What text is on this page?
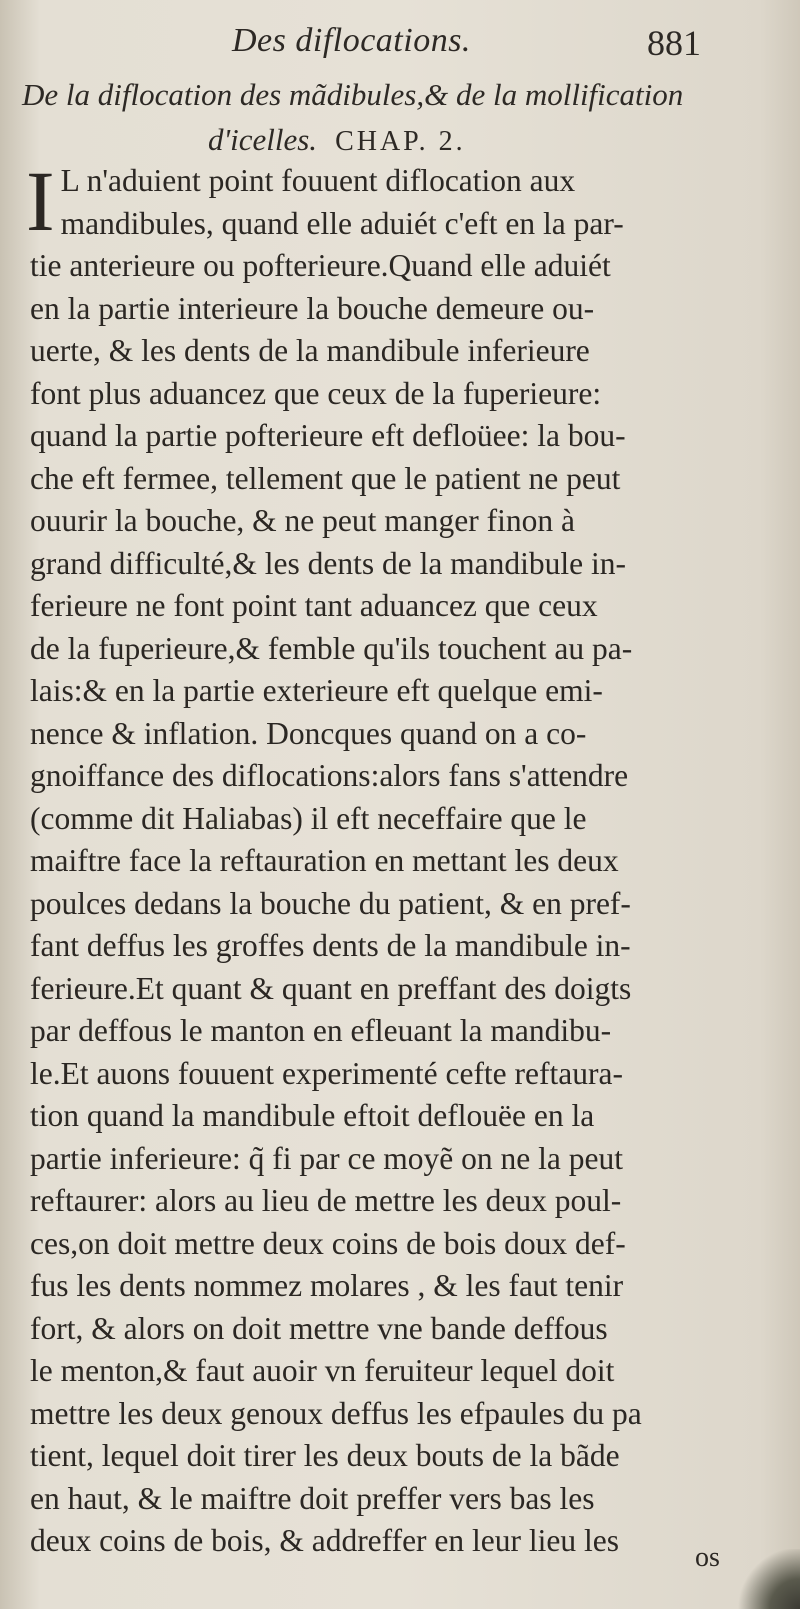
Des diflocations.	881
De la diflocation des mãdibules,& de la mollification
d'icelles. CHAP. 2.
I L n'aduient point fouuent diflocation aux
mandibules, quand elle aduiét c'eft en la par-
tie anterieure ou pofterieure.Quand elle aduiét
en la partie interieure la bouche demeure ou-
uerte, & les dents de la mandibule inferieure
font plus aduancez que ceux de la fuperieure:
quand la partie pofterieure eft defloüee: la bou-
che eft fermee, tellement que le patient ne peut
ouurir la bouche, & ne peut manger finon à
grand difficulté,& les dents de la mandibule in-
ferieure ne font point tant aduancez que ceux
de la fuperieure,& femble qu'ils touchent au pa-
lais:& en la partie exterieure eft quelque emi-
nence & inflation. Doncques quand on a co-
gnoiffance des diflocations:alors fans s'attendre
(comme dit Haliabas) il eft neceffaire que le
maiftre face la reftauration en mettant les deux
poulces dedans la bouche du patient, & en pref-
fant deffus les groffes dents de la mandibule in-
ferieure.Et quant & quant en preffant des doigts
par deffous le manton en efleuant la mandibu-
le.Et auons fouuent experimenté cefte reftaura-
tion quand la mandibule eftoit deflouëe en la
partie inferieure: q̃ fi par ce moyẽ on ne la peut
reftaurer: alors au lieu de mettre les deux poul-
ces,on doit mettre deux coins de bois doux def-
fus les dents nommez molares , & les faut tenir
fort, & alors on doit mettre vne bande deffous
le menton,& faut auoir vn feruiteur lequel doit
mettre les deux genoux deffus les efpaules du pa
tient, lequel doit tirer les deux bouts de la bãde
en haut, & le maiftre doit preffer vers bas les
deux coins de bois, & addreffer en leur lieu les	os
